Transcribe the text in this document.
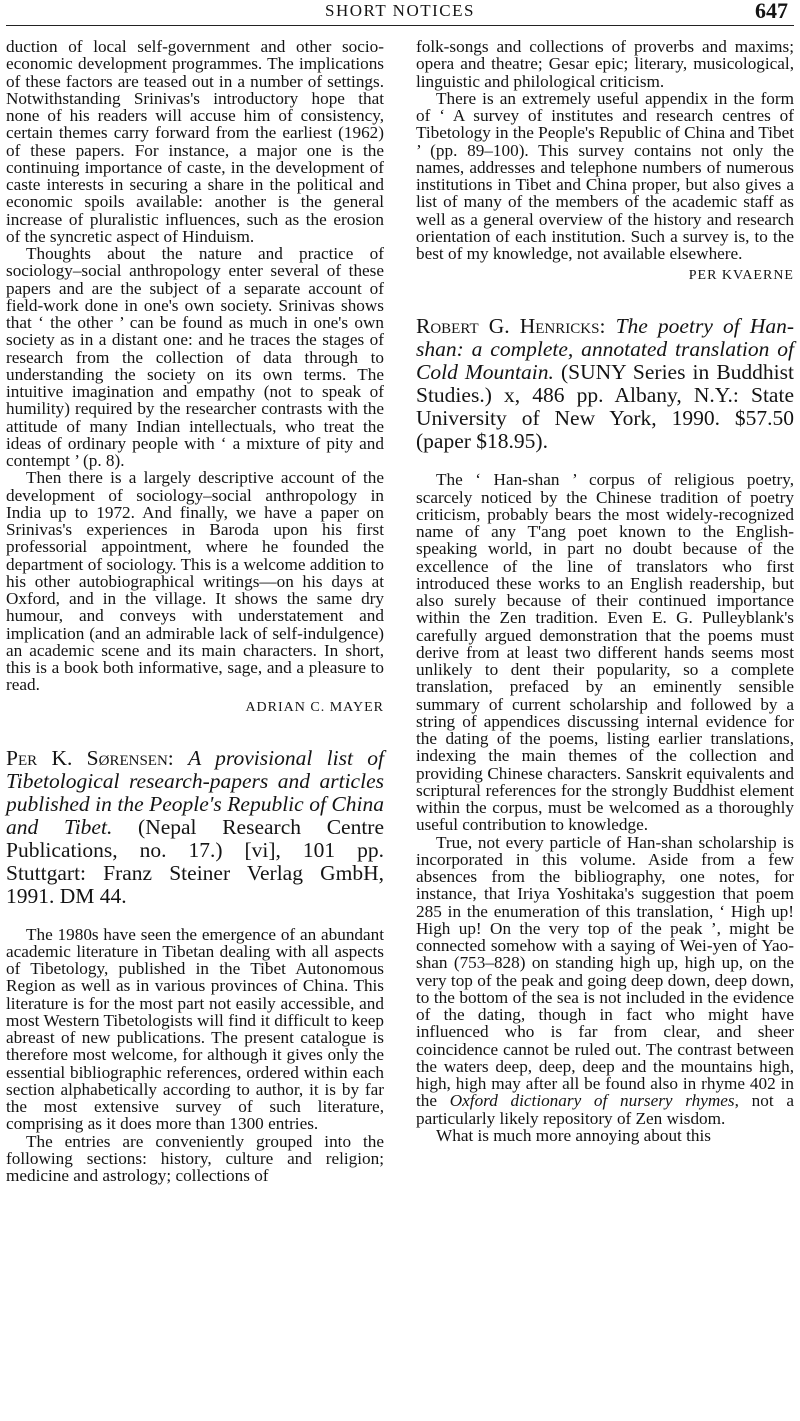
SHORT NOTICES	647

duction of local self-government and other socio-economic development programmes. The implications of these factors are teased out in a number of settings. Notwithstanding Srinivas's introductory hope that none of his readers will accuse him of consistency, certain themes carry forward from the earliest (1962) of these papers. For instance, a major one is the continuing importance of caste, in the development of caste interests in securing a share in the political and economic spoils available: another is the general increase of pluralistic influences, such as the erosion of the syncretic aspect of Hinduism.

Thoughts about the nature and practice of sociology–social anthropology enter several of these papers and are the subject of a separate account of field-work done in one's own society. Srinivas shows that ‘ the other ’ can be found as much in one's own society as in a distant one: and he traces the stages of research from the collection of data through to understanding the society on its own terms. The intuitive imagination and empathy (not to speak of humility) required by the researcher contrasts with the attitude of many Indian intellectuals, who treat the ideas of ordinary people with ‘ a mixture of pity and contempt ’ (p. 8).

Then there is a largely descriptive account of the development of sociology–social anthropology in India up to 1972. And finally, we have a paper on Srinivas's experiences in Baroda upon his first professorial appointment, where he founded the department of sociology. This is a welcome addition to his other autobiographical writings—on his days at Oxford, and in the village. It shows the same dry humour, and conveys with understatement and implication (and an admirable lack of self-indulgence) an academic scene and its main characters. In short, this is a book both informative, sage, and a pleasure to read.

ADRIAN C. MAYER

Per K. Sørensen: A provisional list of Tibetological research-papers and articles published in the People's Republic of China and Tibet. (Nepal Research Centre Publications, no. 17.) [vi], 101 pp. Stuttgart: Franz Steiner Verlag GmbH, 1991. DM 44.

The 1980s have seen the emergence of an abundant academic literature in Tibetan dealing with all aspects of Tibetology, published in the Tibet Autonomous Region as well as in various provinces of China. This literature is for the most part not easily accessible, and most Western Tibetologists will find it difficult to keep abreast of new publications. The present catalogue is therefore most welcome, for although it gives only the essential bibliographic references, ordered within each section alphabetically according to author, it is by far the most extensive survey of such literature, comprising as it does more than 1300 entries.

The entries are conveniently grouped into the following sections: history, culture and religion; medicine and astrology; collections of

folk-songs and collections of proverbs and maxims; opera and theatre; Gesar epic; literary, musicological, linguistic and philological criticism.

There is an extremely useful appendix in the form of ‘ A survey of institutes and research centres of Tibetology in the People's Republic of China and Tibet ’ (pp. 89–100). This survey contains not only the names, addresses and telephone numbers of numerous institutions in Tibet and China proper, but also gives a list of many of the members of the academic staff as well as a general overview of the history and research orientation of each institution. Such a survey is, to the best of my knowledge, not available elsewhere.

PER KVAERNE

Robert G. Henricks: The poetry of Han-shan: a complete, annotated translation of Cold Mountain. (SUNY Series in Buddhist Studies.) x, 486 pp. Albany, N.Y.: State University of New York, 1990. $57.50 (paper $18.95).

The ‘ Han-shan ’ corpus of religious poetry, scarcely noticed by the Chinese tradition of poetry criticism, probably bears the most widely-recognized name of any T'ang poet known to the English-speaking world, in part no doubt because of the excellence of the line of translators who first introduced these works to an English readership, but also surely because of their continued importance within the Zen tradition. Even E. G. Pulleyblank's carefully argued demonstration that the poems must derive from at least two different hands seems most unlikely to dent their popularity, so a complete translation, prefaced by an eminently sensible summary of current scholarship and followed by a string of appendices discussing internal evidence for the dating of the poems, listing earlier translations, indexing the main themes of the collection and providing Chinese characters. Sanskrit equivalents and scriptural references for the strongly Buddhist element within the corpus, must be welcomed as a thoroughly useful contribution to knowledge.

True, not every particle of Han-shan scholarship is incorporated in this volume. Aside from a few absences from the bibliography, one notes, for instance, that Iriya Yoshitaka's suggestion that poem 285 in the enumeration of this translation, ‘ High up! High up! On the very top of the peak ’, might be connected somehow with a saying of Wei-yen of Yao-shan (753–828) on standing high up, high up, on the very top of the peak and going deep down, deep down, to the bottom of the sea is not included in the evidence of the dating, though in fact who might have influenced who is far from clear, and sheer coincidence cannot be ruled out. The contrast between the waters deep, deep, deep and the mountains high, high, high may after all be found also in rhyme 402 in the Oxford dictionary of nursery rhymes, not a particularly likely repository of Zen wisdom.

What is much more annoying about this
